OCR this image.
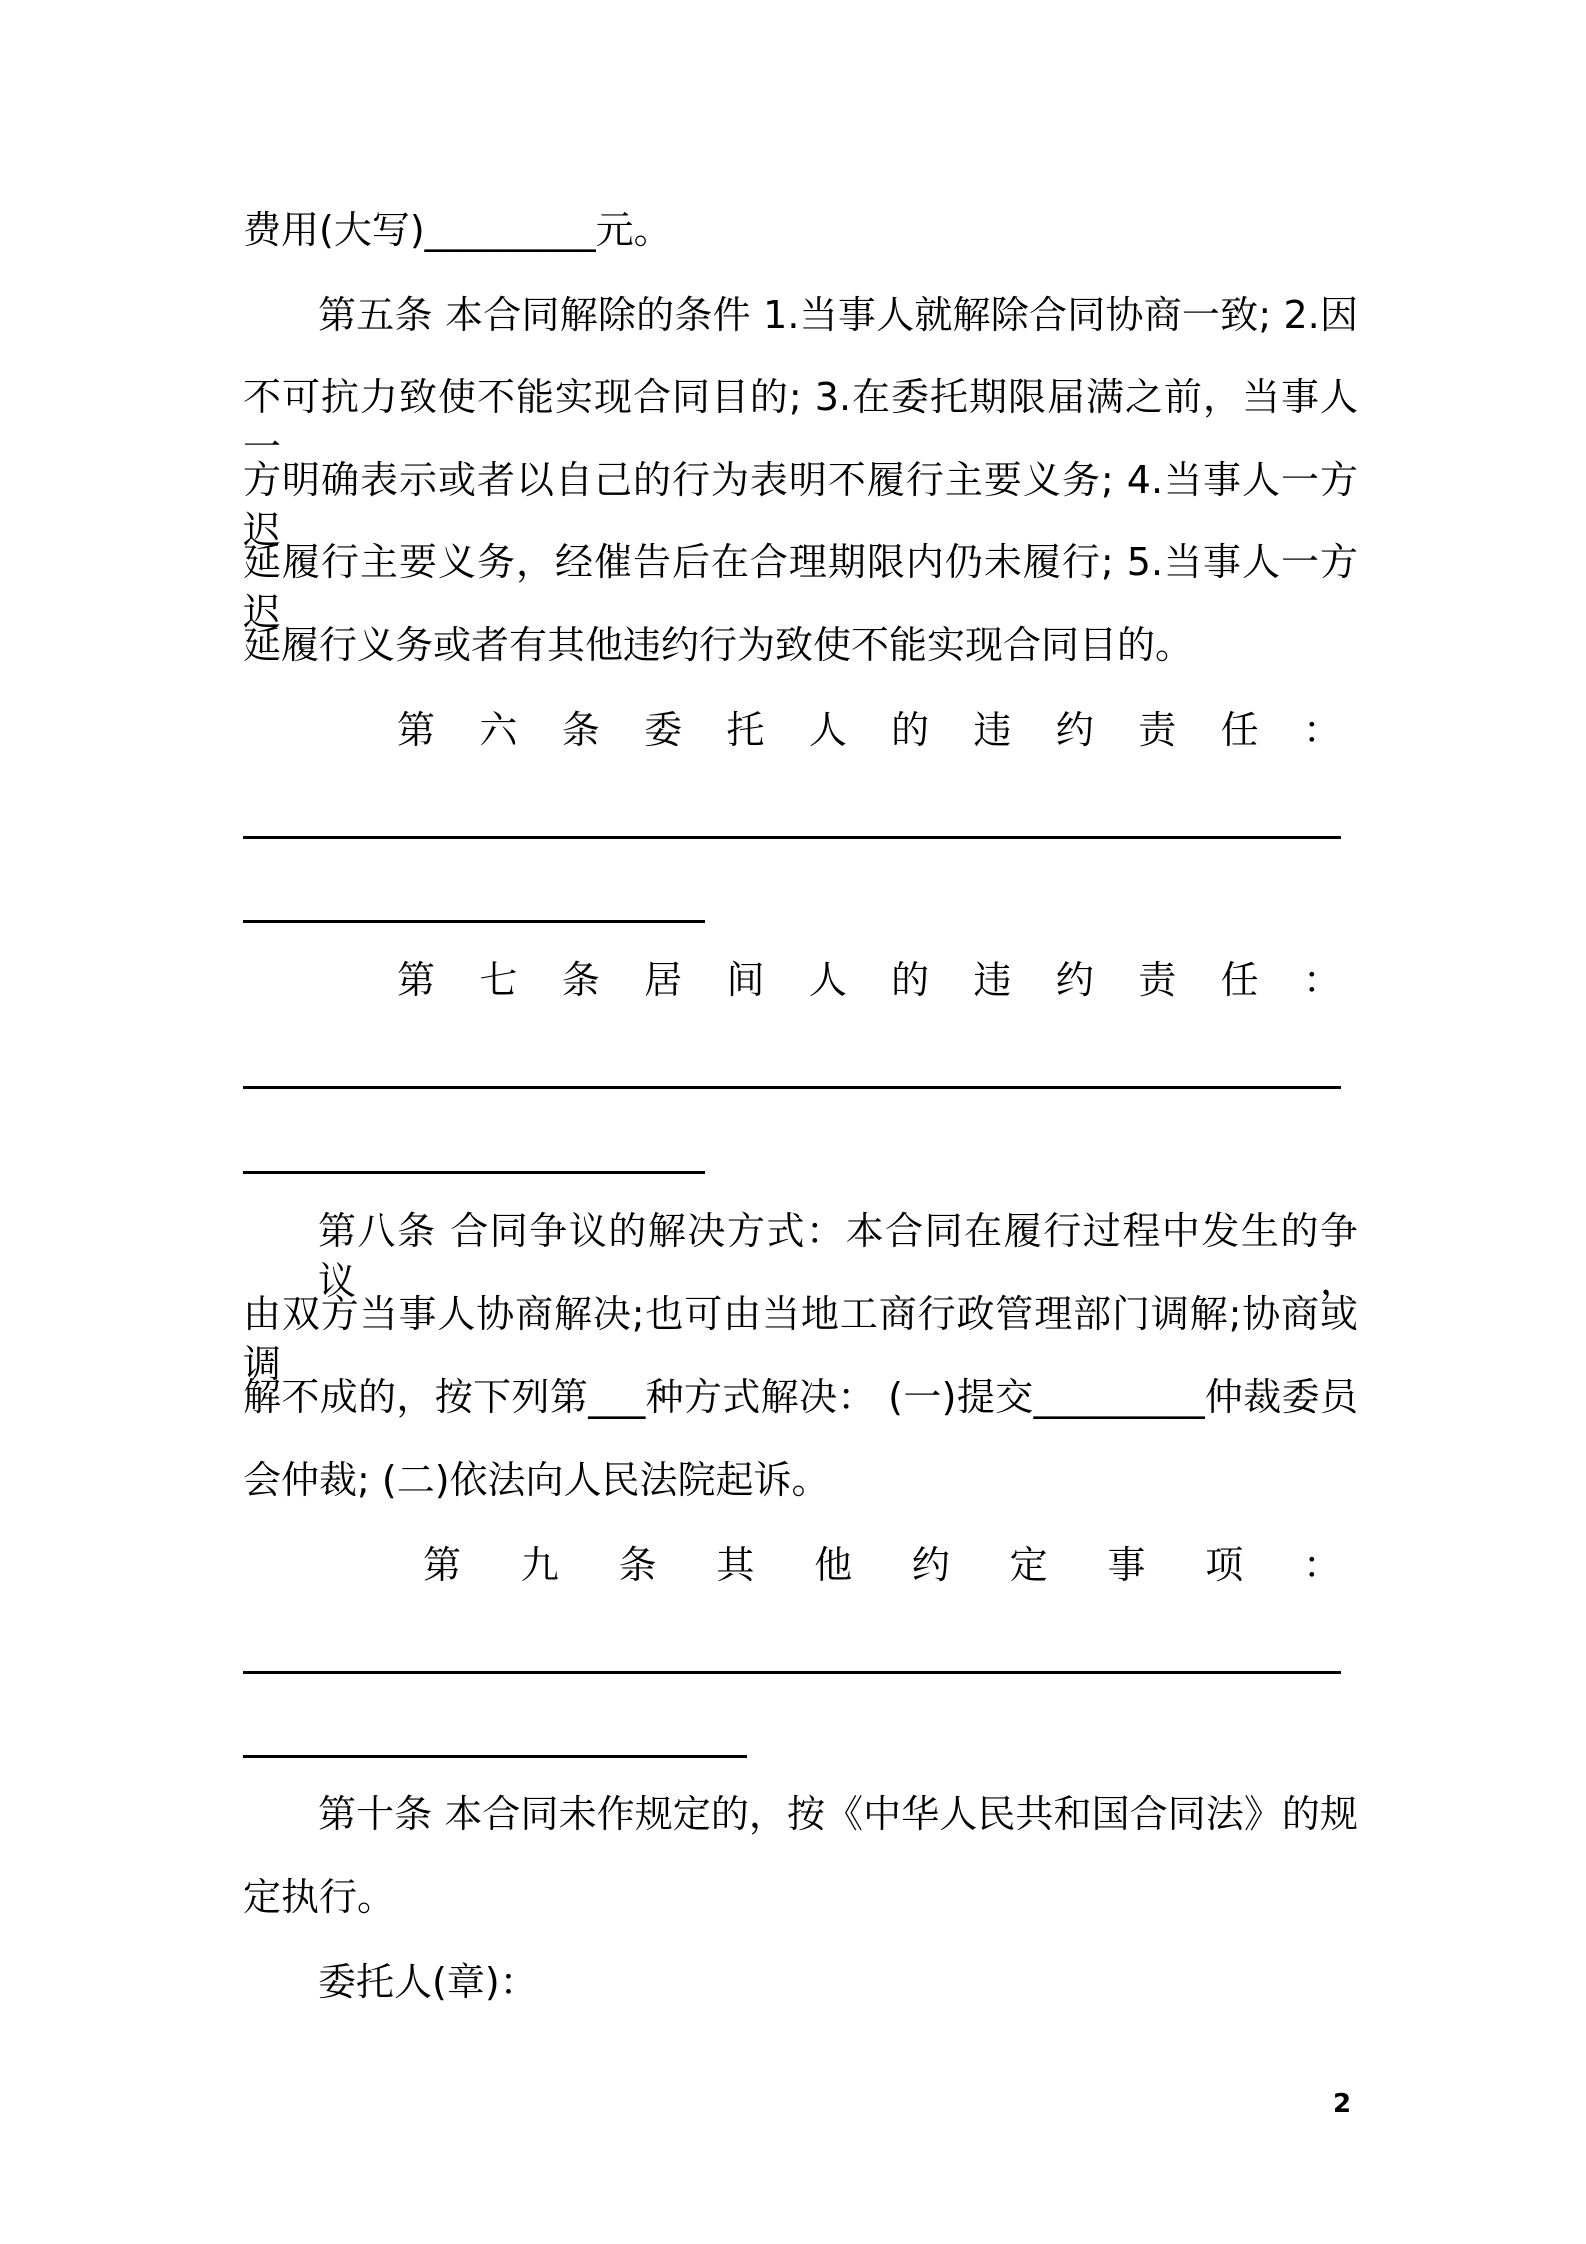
费用(大写)_________元。
第五条 本合同解除的条件 1.当事人就解除合同协商一致; 2.因
不可抗力致使不能实现合同目的; 3.在委托期限届满之前，当事人一
方明确表示或者以自己的行为表明不履行主要义务; 4.当事人一方迟
延履行主要义务，经催告后在合理期限内仍未履行; 5.当事人一方迟
延履行义务或者有其他违约行为致使不能实现合同目的。
第 六 条 委 托 人 的 违 约 责 任 ：
第 七 条 居 间 人 的 违 约 责 任 ：
第八条 合同争议的解决方式：本合同在履行过程中发生的争议，
由双方当事人协商解决;也可由当地工商行政管理部门调解;协商或调
解不成的，按下列第___种方式解决： (一)提交_________仲裁委员
会仲裁; (二)依法向人民法院起诉。
第 九 条 其 他 约 定 事 项 ：
第十条 本合同未作规定的，按《中华人民共和国合同法》的规
定执行。
委托人(章)：
2
